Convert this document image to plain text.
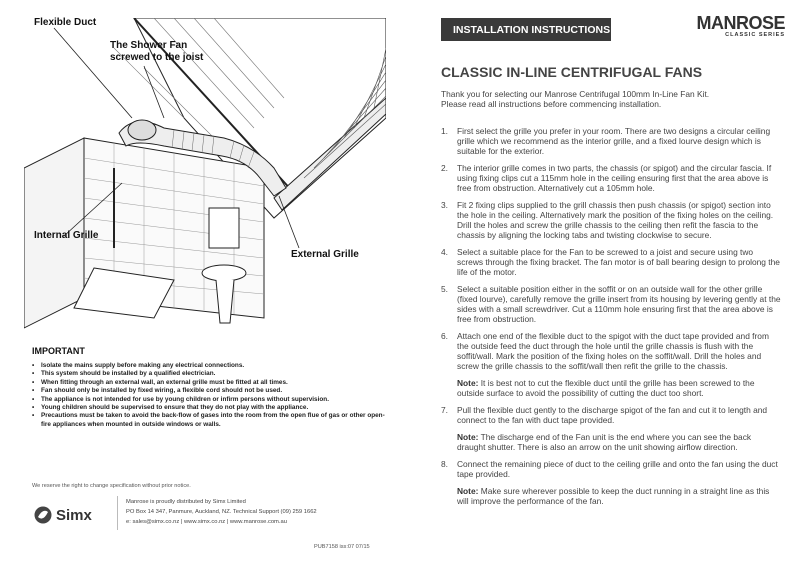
Flexible Duct
The Shower Fan
screwed to the joist
Internal Grille
External Grille
IMPORTANT
• Isolate the mains supply before making any electrical connections.
• This system should be installed by a qualified electrician.
• When fitting through an external wall, an external grille must be fitted at all times.
• Fan should only be installed by fixed wiring, a flexible cord should not be used.
• The appliance is not intended for use by young children or infirm persons without supervision.
• Young children should be supervised to ensure that they do not play with the appliance.
• Precautions must be taken to avoid the back-flow of gases into the room from the open flue of gas or other open-fire appliances when mounted in outside windows or walls.
We reserve the right to change specification without prior notice.
Simx
Manrose is proudly distributed by Simx Limited
PO Box 14 347, Panmure, Auckland, NZ. Technical Support (09) 259 1662
e: sales@simx.co.nz | www.simx.co.nz | www.manrose.com.au
PUB7158 iss:07 07/15
INSTALLATION INSTRUCTIONS	MANROSE
CLASSIC SERIES
CLASSIC IN-LINE CENTRIFUGAL FANS

Thank you for selecting our Manrose Centrifugal 100mm In-Line Fan Kit.

Please read all instructions before commencing installation.

1. First select the grille you prefer in your room. There are two designs a circular ceiling grille which we recommend as the interior grille, and a fixed lourve design which is suitable for the exterior.
2. The interior grille comes in two parts, the chassis (or spigot) and the circular fascia. If using fixing clips cut a 115mm hole in the ceiling ensuring first that the area above is free from obstruction. Alternatively cut a 105mm hole.
3. Fit 2 fixing clips supplied to the grill chassis then push chassis (or spigot) section into the hole in the ceiling. Alternatively mark the position of the fixing holes on the ceiling. Drill the holes and screw the grille chassis to the ceiling then refit the fascia to the chassis by aligning the locking tabs and twisting clockwise to secure.
4. Select a suitable place for the Fan to be screwed to a joist and secure using two screws through the fixing bracket. The fan motor is of ball bearing design to prolong the life of the motor.
5. Select a suitable position either in the soffit or on an outside wall for the other grille (fixed lourve), carefully remove the grille insert from its housing by levering gently at the sides with a small screwdriver. Cut a 110mm hole ensuring first that the area above is free from obstruction.
6. Attach one end of the flexible duct to the spigot with the duct tape provided and from the outside feed the duct through the hole until the grille chassis is flush with the soffit/wall. Mark the position of the fixing holes on the soffit/wall. Drill the holes and screw the grille chassis to the soffit/wall then refit the grille to the chassis.
Note: It is best not to cut the flexible duct until the grille has been screwed to the outside surface to avoid the possibility of cutting the duct too short.
7. Pull the flexible duct gently to the discharge spigot of the fan and cut it to length and connect to the fan with duct tape provided.
Note: The discharge end of the Fan unit is the end where you can see the back draught shutter. There is also an arrow on the unit showing airflow direction.
8. Connect the remaining piece of duct to the ceiling grille and onto the fan using the duct tape provided.
Note: Make sure wherever possible to keep the duct running in a straight line as this will improve the performance of the fan.
